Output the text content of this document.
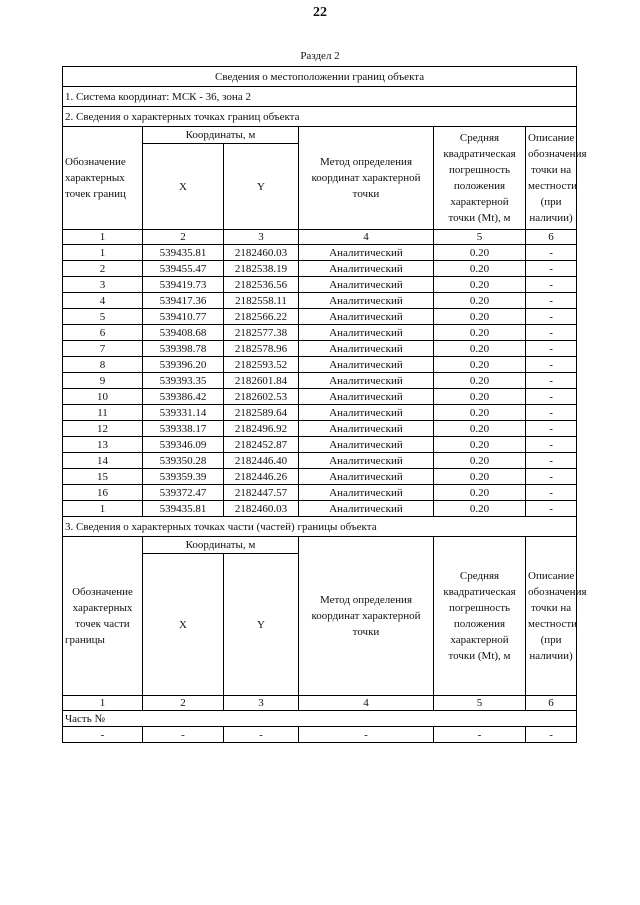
22
Раздел 2
Сведения о местоположении границ объекта					
1. Система координат: МСК - 36, зона 2					
2. Сведения о характерных точках границ объекта					
Обозначение характерных точек границ	Координаты, м		Метод определения координат характерной точки	Средняя квадратическая погрешность положения характерной точки (Mt), м	Описание обозначения точки на местности (при наличии)
	X	Y			
1	2	3	4	5	6
1	539435.81	2182460.03	Аналитический	0.20	-
2	539455.47	2182538.19	Аналитический	0.20	-
3	539419.73	2182536.56	Аналитический	0.20	-
4	539417.36	2182558.11	Аналитический	0.20	-
5	539410.77	2182566.22	Аналитический	0.20	-
6	539408.68	2182577.38	Аналитический	0.20	-
7	539398.78	2182578.96	Аналитический	0.20	-
8	539396.20	2182593.52	Аналитический	0.20	-
9	539393.35	2182601.84	Аналитический	0.20	-
10	539386.42	2182602.53	Аналитический	0.20	-
11	539331.14	2182589.64	Аналитический	0.20	-
12	539338.17	2182496.92	Аналитический	0.20	-
13	539346.09	2182452.87	Аналитический	0.20	-
14	539350.28	2182446.40	Аналитический	0.20	-
15	539359.39	2182446.26	Аналитический	0.20	-
16	539372.47	2182447.57	Аналитический	0.20	-
1	539435.81	2182460.03	Аналитический	0.20	-
3. Сведения о характерных точках части (частей) границы объекта					
Обозначение характерных точек части границы	Координаты, м		Метод определения координат характерной точки	Средняя квадратическая погрешность положения характерной точки (Mt), м	Описание обозначения точки на местности (при наличии)
	X	Y			
1	2	3	4	5	6
Часть №					
-	-	-	-	-	-
